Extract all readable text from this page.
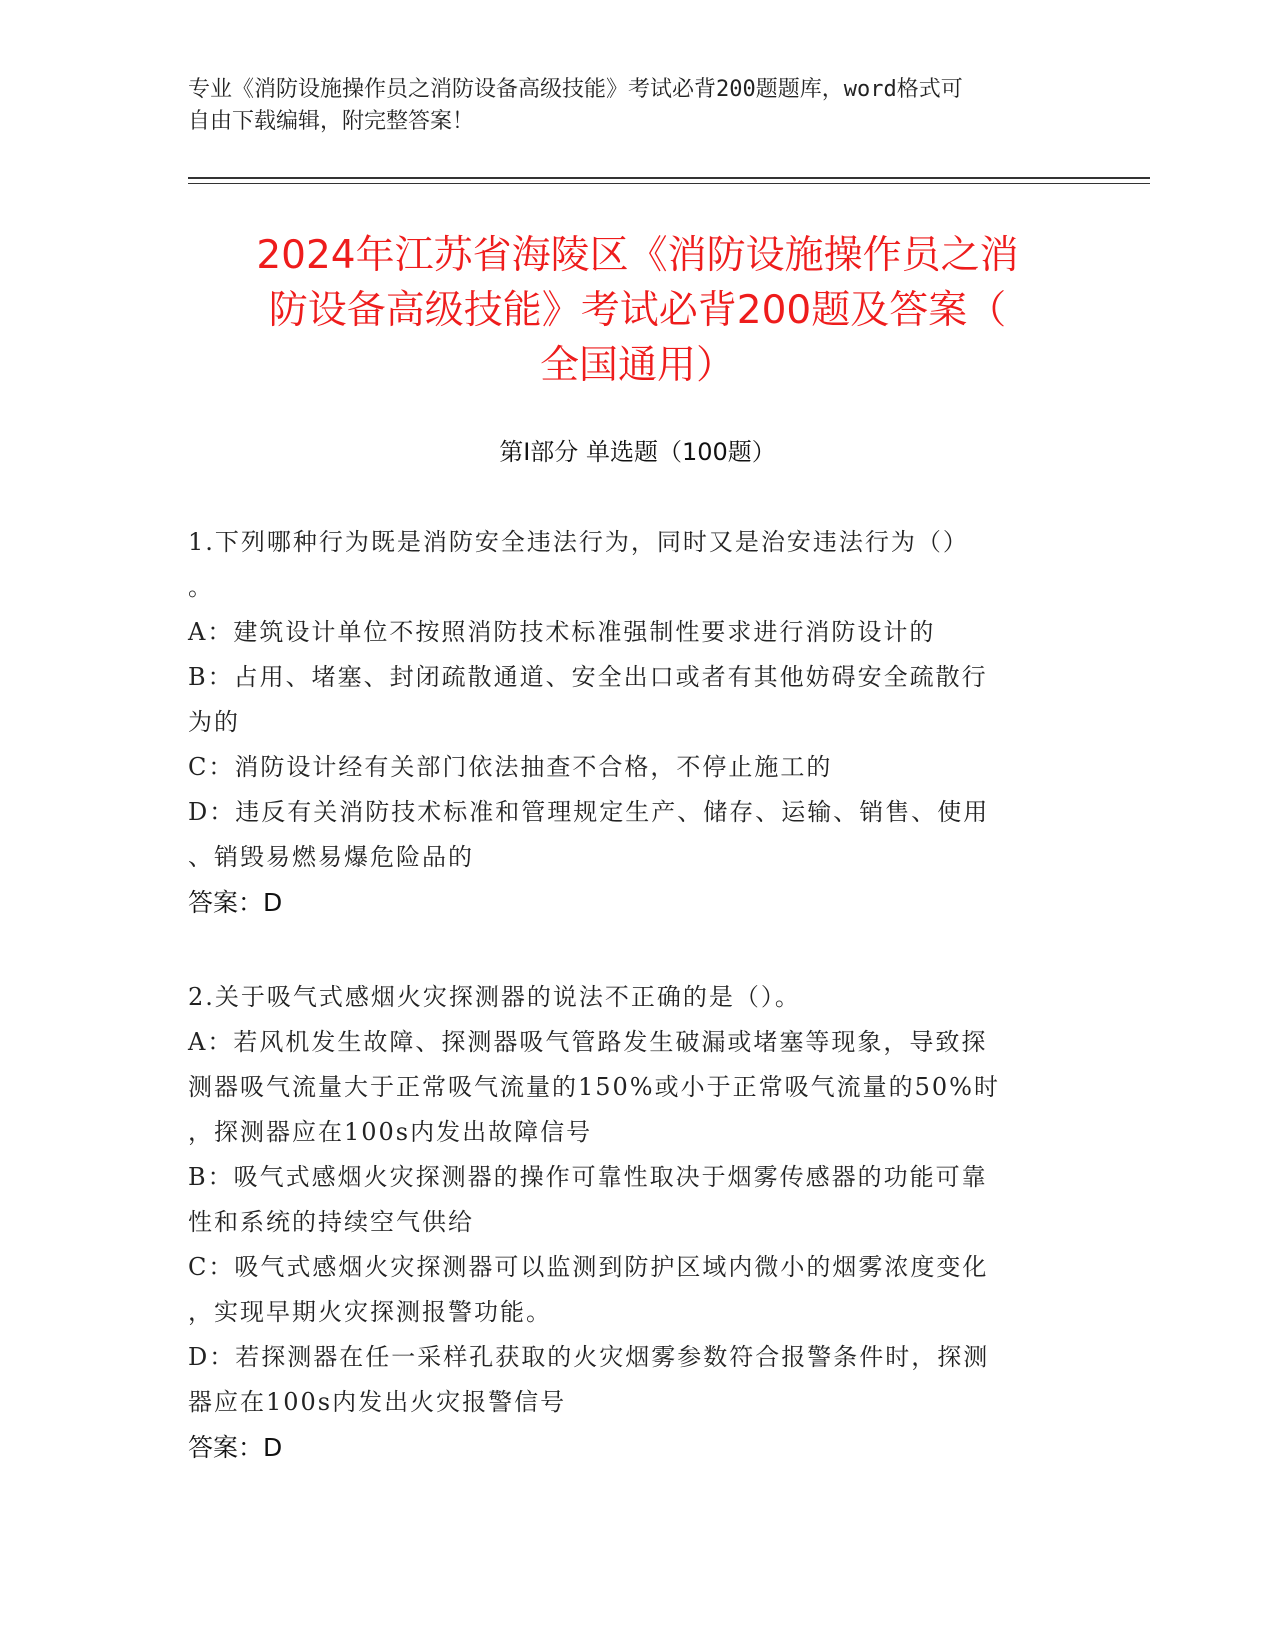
专业《消防设施操作员之消防设备高级技能》考试必背200题题库，word格式可
自由下载编辑，附完整答案！
2024年江苏省海陵区《消防设施操作员之消
防设备高级技能》考试必背200题及答案（
全国通用）
第Ⅰ部分 单选题（100题）
1.下列哪种行为既是消防安全违法行为，同时又是治安违法行为（）
。
A：建筑设计单位不按照消防技术标准强制性要求进行消防设计的
B：占用、堵塞、封闭疏散通道、安全出口或者有其他妨碍安全疏散行
为的
C：消防设计经有关部门依法抽查不合格，不停止施工的
D：违反有关消防技术标准和管理规定生产、储存、运输、销售、使用
、销毁易燃易爆危险品的
答案：D
2.关于吸气式感烟火灾探测器的说法不正确的是（）。
A：若风机发生故障、探测器吸气管路发生破漏或堵塞等现象，导致探
测器吸气流量大于正常吸气流量的150%或小于正常吸气流量的50%时
，探测器应在100s内发出故障信号
B：吸气式感烟火灾探测器的操作可靠性取决于烟雾传感器的功能可靠
性和系统的持续空气供给
C：吸气式感烟火灾探测器可以监测到防护区域内微小的烟雾浓度变化
，实现早期火灾探测报警功能。
D：若探测器在任一采样孔获取的火灾烟雾参数符合报警条件时，探测
器应在100s内发出火灾报警信号
答案：D
